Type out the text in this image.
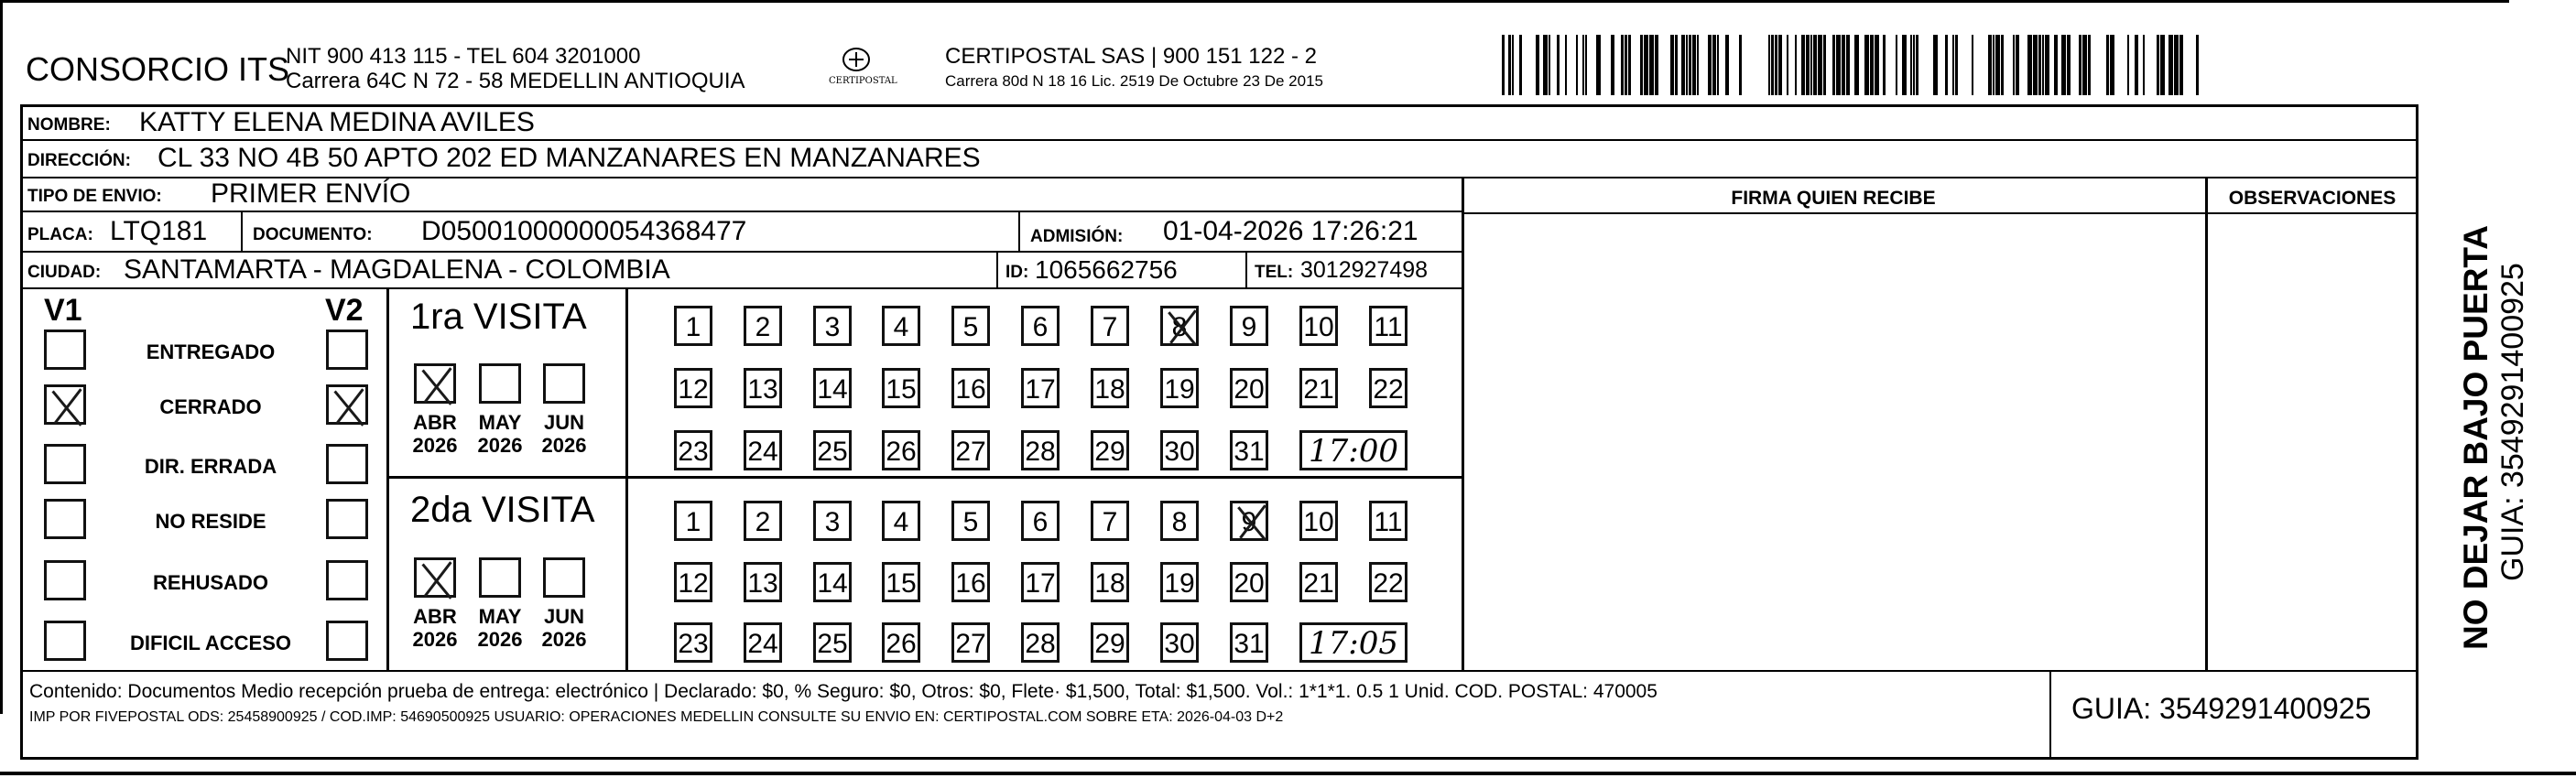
CONSORCIO ITS
NIT 900 413 115 - TEL 604 3201000
Carrera 64C N 72 - 58 MEDELLIN ANTIOQUIA	CERTIPOSTAL
CERTIPOSTAL SAS | 900 151 122 - 2
Carrera 80d N 18 16 Lic. 2519 De Octubre 23 De 2015
FIRMA QUIEN RECIBE	OBSERVACIONES
NOMBRE: KATTY ELENA MEDINA AVILES
DIRECCIÓN: CL 33 NO 4B 50 APTO 202 ED MANZANARES EN MANZANARES
TIPO DE ENVIO: PRIMER ENVÍO
PLACA: LTQ181	DOCUMENTO: D05001000000054368477	ADMISIÓN: 01-04-2026 17:26:21
CIUDAD: SANTAMARTA - MAGDALENA - COLOMBIA	ID: 1065662756	TEL: 3012927498
V1	V2
ENTREGADO
CERRADO
DIR. ERRADA
NO RESIDE
REHUSADO
DIFICIL ACCESO
1ra VISITA
2da VISITA
ABR
2026
MAY
2026
JUN
2026
1	2	3	4	5	6	7	8	9	10 11
12 13 14 15 16 17 18 19 20 21 22
23 24 25 26 27 28 29 30 31 17:00
ABR
2026
MAY
2026
JUN
2026
1	2	3	4	5	6	7	8	9	10 11
12 13 14 15 16 17 18 19 20 21 22
23 24 25 26 27 28 29 30 31 17:05
Contenido: Documentos Medio recepción prueba de entrega: electrónico | Declarado: $0, % Seguro: $0, Otros: $0, Flete· $1,500, Total: $1,500. Vol.: 1*1*1. 0.5 1 Unid. COD. POSTAL: 470005
IMP POR FIVEPOSTAL ODS: 25458900925 / COD.IMP: 54690500925 USUARIO: OPERACIONES MEDELLIN CONSULTE SU ENVIO EN: CERTIPOSTAL.COM SOBRE ETA: 2026-04-03 D+2	GUIA: 3549291400925
NO DEJAR BAJO PUERTA GUIA: 3549291400925
